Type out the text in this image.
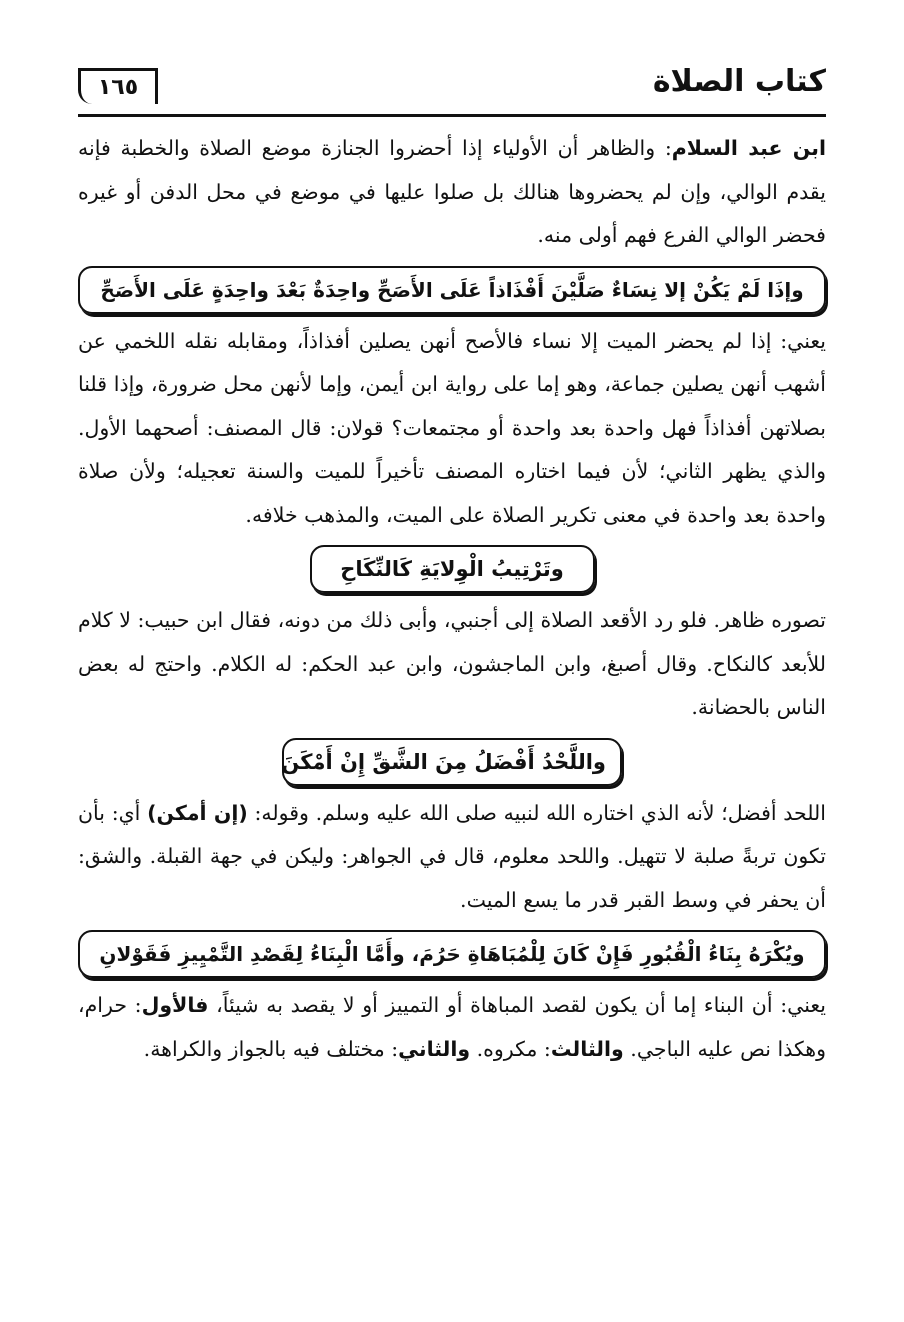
كتاب الصلاة
١٦٥

ابن عبد السلام: والظاهر أن الأولياء إذا أحضروا الجنازة موضع الصلاة والخطبة فإنه يقدم الوالي، وإن لم يحضروها هنالك بل صلوا عليها في موضع في محل الدفن أو غيره فحضر الوالي الفرع فهم أولى منه.

وإذَا لَمْ يَكُنْ إلا نِسَاءٌ صَلَّيْنَ أَفْذَاذاً عَلَى الأَصَحِّ واحِدَةٌ بَعْدَ واحِدَةٍ عَلَى الأَصَحِّ

يعني: إذا لم يحضر الميت إلا نساء فالأصح أنهن يصلين أفذاذاً، ومقابله نقله اللخمي عن أشهب أنهن يصلين جماعة، وهو إما على رواية ابن أيمن، وإما لأنهن محل ضرورة، وإذا قلنا بصلاتهن أفذاذاً فهل واحدة بعد واحدة أو مجتمعات؟ قولان: قال المصنف: أصحهما الأول. والذي يظهر الثاني؛ لأن فيما اختاره المصنف تأخيراً للميت والسنة تعجيله؛ ولأن صلاة واحدة بعد واحدة في معنى تكرير الصلاة على الميت، والمذهب خلافه.

وتَرْتِيبُ الْوِلايَةِ كَالنِّكَاحِ

تصوره ظاهر. فلو رد الأقعد الصلاة إلى أجنبي، وأبى ذلك من دونه، فقال ابن حبيب: لا كلام للأبعد كالنكاح. وقال أصبغ، وابن الماجشون، وابن عبد الحكم: له الكلام. واحتج له بعض الناس بالحضانة.

واللَّحْدُ أَفْضَلُ مِنَ الشَّقِّ إِنْ أَمْكَنَ

اللحد أفضل؛ لأنه الذي اختاره الله لنبيه صلى الله عليه وسلم. وقوله: (إن أمكن) أي: بأن تكون تربةً صلبة لا تتهيل. واللحد معلوم، قال في الجواهر: وليكن في جهة القبلة. والشق: أن يحفر في وسط القبر قدر ما يسع الميت.

ويُكْرَهُ بِنَاءُ الْقُبُورِ فَإِنْ كَانَ لِلْمُبَاهَاةِ حَرُمَ، وأَمَّا الْبِنَاءُ لِقَصْدِ التَّمْيِيزِ فَقَوْلانِ

يعني: أن البناء إما أن يكون لقصد المباهاة أو التمييز أو لا يقصد به شيئاً، فالأول: حرام، وهكذا نص عليه الباجي. والثالث: مكروه. والثاني: مختلف فيه بالجواز والكراهة.
